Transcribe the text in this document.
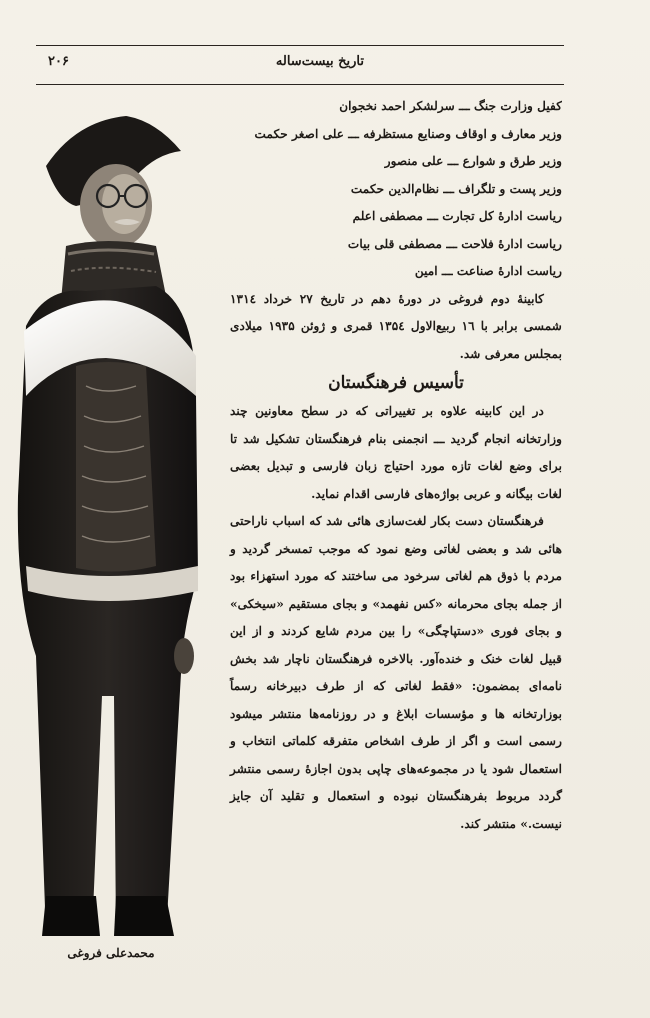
تاریخ بیست‌ساله
۲۰۶
محمدعلی فروغی

کفیل وزارت جنگ ـــ سرلشکر احمد نخجوان

وزیر معارف و اوقاف وصنایع مستظرفه ـــ علی اصغر حکمت

وزیر طرق و شوارع ـــ علی منصور

وزیر پست و تلگراف ـــ نظام‌الدین حکمت

ریاست ادارهٔ کل تجارت ـــ مصطفی اعلم

ریاست ادارهٔ فلاحت ـــ مصطفی قلی بیات

ریاست ادارهٔ صناعت ـــ امین

کابینهٔ دوم فروغی در دورهٔ دهم در تاریخ ۲۷ خرداد ۱۳۱٤ شمسی برابر با ۱٦ ربیع‌الاول ۱۳۵٤ قمری و ژوئن ۱۹۳۵ میلادی بمجلس معرفی شد.

تأسیس فرهنگستان

در این کابینه علاوه بر تغییراتی که در سطح معاونین چند وزارتخانه انجام گردید ـــ انجمنی بنام فرهنگستان تشکیل شد تا برای وضع لغات تازه مورد احتیاج زبان فارسی و تبدیل بعضی لغات بیگانه و عربی بواژه‌های فارسی اقدام نماید.

فرهنگستان دست بکار لغت‌سازی هائی شد که اسباب ناراحتی هائی شد و بعضی لغاتی وضع نمود که موجب تمسخر گردید و مردم با ذوق هم لغاتی سرخود می ساختند که مورد استهزاء بود از جمله بجای محرمانه «کس نفهمد» و بجای مستقیم «سیخکی» و بجای فوری «دستپاچگی» را بین مردم شایع کردند و از این قبیل لغات خنک و خنده‌آور. بالاخره فرهنگستان ناچار شد بخش نامه‌ای بمضمون: «فقط لغاتی که از طرف دبیرخانه رسماً بوزارتخانه ها و مؤسسات ابلاغ و در روزنامه‌ها منتشر میشود رسمی است و اگر از طرف اشخاص متفرقه کلماتی انتخاب و استعمال شود یا در مجموعه‌های چاپی بدون اجازهٔ رسمی منتشر گردد مربوط بفرهنگستان نبوده و استعمال و تقلید آن جایز نیست.» منتشر کند.
